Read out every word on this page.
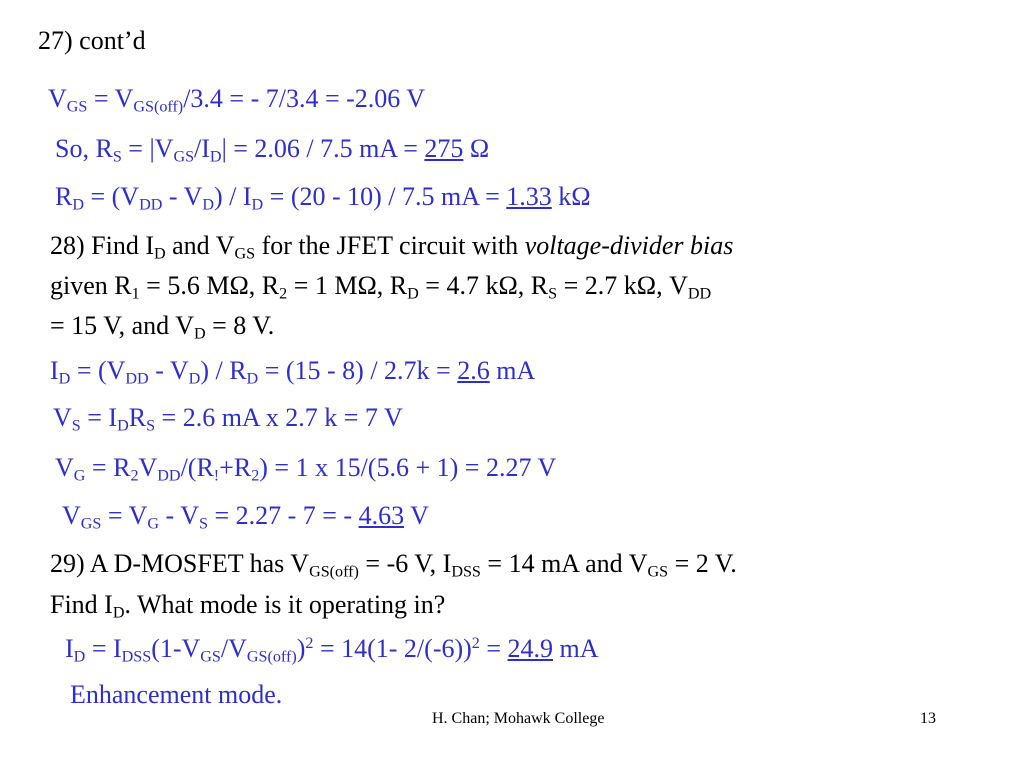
27) cont’d
$V_{GS} = V_{GS(off)}/3.4$ = - 7/3.4 = -2.06 V
So, $R_S = |V_{GS}/I_D| = 2.06 / 7.5$ mA = 275 Ω
$R_D = (V_{DD} - V_D) / I_D = (20 - 10) / 7.5$ mA = 1.33 kΩ
28) Find $I_D$ and $V_{GS}$ for the JFET circuit with voltage-divider bias
given $R_1 = 5.6$ MΩ, $R_2 = 1$ MΩ, $R_D = 4.7$ kΩ, $R_S = 2.7$ kΩ, $V_{DD}$
= 15 V, and $V_D = 8$ V.
$I_D = (V_{DD} - V_D) / R_D = (15 - 8) / 2.7k = 2.6$ mA
$V_S = I_DR_S = 2.6$ mA x 2.7 k = 7 V
$V_G = R_2V_{DD}/(R_!+R_2) = 1$ x 15/(5.6 + 1) = 2.27 V
$V_{GS} = V_G - V_S = 2.27 - 7$ = - 4.63 V
29) A D-MOSFET has $V_{GS(off)} = -6$ V, $I_{DSS} = 14$ mA and $V_{GS} = 2$ V.
Find $I_D$. What mode is it operating in?
$I_D = I_{DSS}(1-V_{GS}/V_{GS(off)})^2 = 14(1-$ 2/(-6))$^2$ = 24.9 mA
Enhancement mode.
H. Chan; Mohawk College	13
